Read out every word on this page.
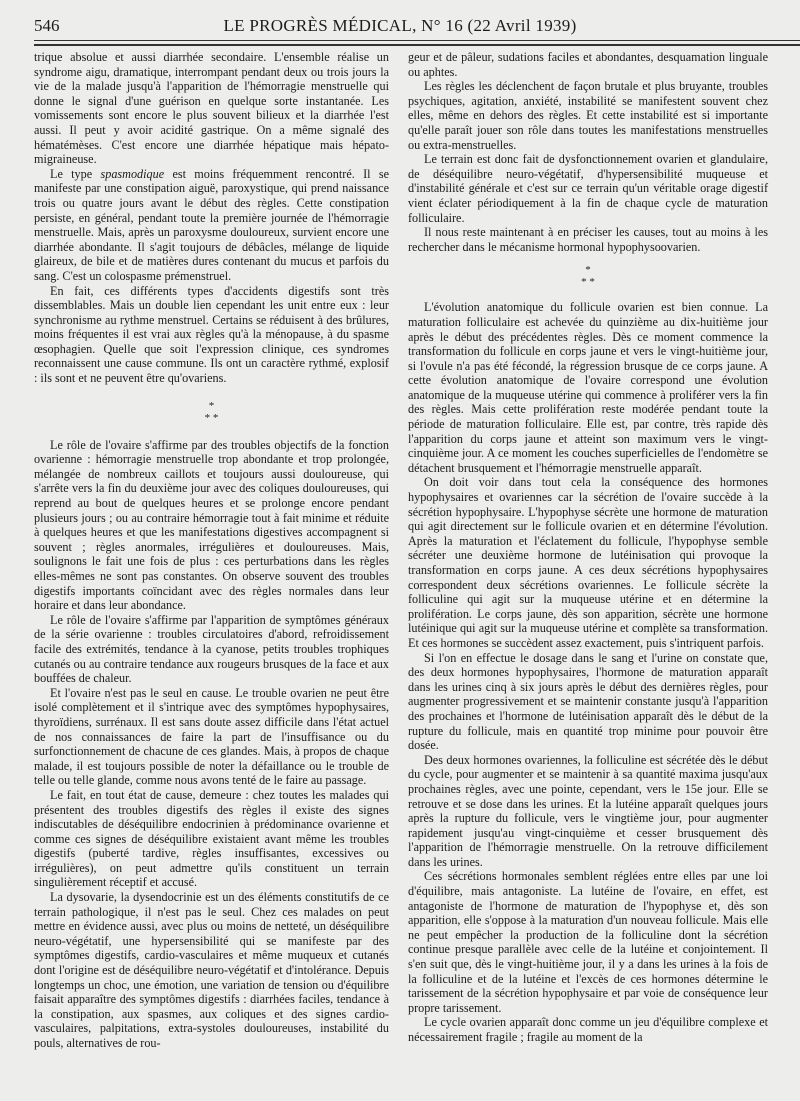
LE PROGRÈS MÉDICAL, N° 16 (22 Avril 1939)
546

trique absolue et aussi diarrhée secondaire. L'ensemble réalise un syndrome aigu, dramatique, interrompant pendant deux ou trois jours la vie de la malade jusqu'à l'apparition de l'hémorragie menstruelle qui donne le signal d'une guérison en quelque sorte instantanée. Les vomissements sont encore le plus souvent bilieux et la diarrhée l'est aussi. Il peut y avoir acidité gastrique. On a même signalé des hématémèses. C'est encore une diarrhée hépatique mais hépato-migraineuse.

Le type spasmodique est moins fréquemment rencontré. Il se manifeste par une constipation aiguë, paroxystique, qui prend naissance trois ou quatre jours avant le début des règles. Cette constipation persiste, en général, pendant toute la première journée de l'hémorragie menstruelle. Mais, après un paroxysme douloureux, survient encore une diarrhée abondante. Il s'agit toujours de débâcles, mélange de liquide glaireux, de bile et de matières dures contenant du mucus et parfois du sang. C'est un colospasme prémenstruel.

En fait, ces différents types d'accidents digestifs sont très dissemblables. Mais un double lien cependant les unit entre eux : leur synchronisme au rythme menstruel. Certains se réduisent à des brûlures, moins fréquentes il est vrai aux règles qu'à la ménopause, à du spasme œsophagien. Quelle que soit l'expression clinique, ces syndromes reconnaissent une cause commune. Ils ont un caractère rythmé, explosif : ils sont et ne peuvent être qu'ovariens.

*
* *

Le rôle de l'ovaire s'affirme par des troubles objectifs de la fonction ovarienne : hémorragie menstruelle trop abondante et trop prolongée, mélangée de nombreux caillots et toujours aussi douloureuse, qui s'arrête vers la fin du deuxième jour avec des coliques douloureuses, qui reprend au bout de quelques heures et se prolonge encore pendant plusieurs jours ; ou au contraire hémorragie tout à fait minime et réduite à quelques heures et que les manifestations digestives accompagnent si souvent ; règles anormales, irrégulières et douloureuses. Mais, soulignons le fait une fois de plus : ces perturbations dans les règles elles-mêmes ne sont pas constantes. On observe souvent des troubles digestifs importants coïncidant avec des règles normales dans leur horaire et dans leur abondance.

Le rôle de l'ovaire s'affirme par l'apparition de symptômes généraux de la série ovarienne : troubles circulatoires d'abord, refroidissement facile des extrémités, tendance à la cyanose, petits troubles trophiques cutanés ou au contraire tendance aux rougeurs brusques de la face et aux bouffées de chaleur.

Et l'ovaire n'est pas le seul en cause. Le trouble ovarien ne peut être isolé complètement et il s'intrique avec des symptômes hypophysaires, thyroïdiens, surrénaux. Il est sans doute assez difficile dans l'état actuel de nos connaissances de faire la part de l'insuffisance ou du surfonctionnement de chacune de ces glandes. Mais, à propos de chaque malade, il est toujours possible de noter la défaillance ou le trouble de telle ou telle glande, comme nous avons tenté de le faire au passage.

Le fait, en tout état de cause, demeure : chez toutes les malades qui présentent des troubles digestifs des règles il existe des signes indiscutables de déséquilibre endocrinien à prédominance ovarienne et comme ces signes de déséquilibre existaient avant même les troubles digestifs (puberté tardive, règles insuffisantes, excessives ou irrégulières), on peut admettre qu'ils constituent un terrain singulièrement réceptif et accusé.

La dysovarie, la dysendocrinie est un des éléments constitutifs de ce terrain pathologique, il n'est pas le seul. Chez ces malades on peut mettre en évidence aussi, avec plus ou moins de netteté, un déséquilibre neuro-végétatif, une hypersensibilité qui se manifeste par des symptômes digestifs, cardio-vasculaires et même muqueux et cutanés dont l'origine est de déséquilibre neuro-végétatif et d'intolérance. Depuis longtemps un choc, une émotion, une variation de tension ou d'équilibre faisait apparaître des symptômes digestifs : diarrhées faciles, tendance à la constipation, aux spasmes, aux coliques et des signes cardio-vasculaires, palpitations, extra-systoles douloureuses, instabilité du pouls, alternatives de rou-

geur et de pâleur, sudations faciles et abondantes, desquamation linguale ou aphtes.

Les règles les déclenchent de façon brutale et plus bruyante, troubles psychiques, agitation, anxiété, instabilité se manifestent souvent chez elles, même en dehors des règles. Et cette instabilité est si importante qu'elle paraît jouer son rôle dans toutes les manifestations menstruelles ou extra-menstruelles.

Le terrain est donc fait de dysfonctionnement ovarien et glandulaire, de déséquilibre neuro-végétatif, d'hypersensibilité muqueuse et d'instabilité générale et c'est sur ce terrain qu'un véritable orage digestif vient éclater périodiquement à la fin de chaque cycle de maturation folliculaire.

Il nous reste maintenant à en préciser les causes, tout au moins à les rechercher dans le mécanisme hormonal hypophysoovarien.

*
* *

L'évolution anatomique du follicule ovarien est bien connue. La maturation folliculaire est achevée du quinzième au dix-huitième jour après le début des précédentes règles. Dès ce moment commence la transformation du follicule en corps jaune et vers le vingt-huitième jour, si l'ovule n'a pas été fécondé, la régression brusque de ce corps jaune. A cette évolution anatomique de l'ovaire correspond une évolution anatomique de la muqueuse utérine qui commence à proliférer vers la fin des règles. Mais cette prolifération reste modérée pendant toute la période de maturation folliculaire. Elle est, par contre, très rapide dès l'apparition du corps jaune et atteint son maximum vers le vingt-cinquième jour. A ce moment les couches superficielles de l'endomètre se détachent brusquement et l'hémorragie menstruelle apparaît.

On doit voir dans tout cela la conséquence des hormones hypophysaires et ovariennes car la sécrétion de l'ovaire succède à la sécrétion hypophysaire. L'hypophyse sécrète une hormone de maturation qui agit directement sur le follicule ovarien et en détermine l'évolution. Après la maturation et l'éclatement du follicule, l'hypophyse semble sécréter une deuxième hormone de lutéinisation qui provoque la transformation en corps jaune. A ces deux sécrétions hypophysaires correspondent deux sécrétions ovariennes. Le follicule sécrète la folliculine qui agit sur la muqueuse utérine et en détermine la prolifération. Le corps jaune, dès son apparition, sécrète une hormone lutéinique qui agit sur la muqueuse utérine et complète sa transformation. Et ces hormones se succèdent assez exactement, puis s'intriquent parfois.

Si l'on en effectue le dosage dans le sang et l'urine on constate que, des deux hormones hypophysaires, l'hormone de maturation apparaît dans les urines cinq à six jours après le début des dernières règles, pour augmenter progressivement et se maintenir constante jusqu'à l'apparition des prochaines et l'hormone de lutéinisation apparaît dès le début de la rupture du follicule, mais en quantité trop minime pour pouvoir être dosée.

Des deux hormones ovariennes, la folliculine est sécrétée dès le début du cycle, pour augmenter et se maintenir à sa quantité maxima jusqu'aux prochaines règles, avec une pointe, cependant, vers le 15e jour. Elle se retrouve et se dose dans les urines. Et la lutéine apparaît quelques jours après la rupture du follicule, vers le vingtième jour, pour augmenter rapidement jusqu'au vingt-cinquième et cesser brusquement dès l'apparition de l'hémorragie menstruelle. On la retrouve difficilement dans les urines.

Ces sécrétions hormonales semblent réglées entre elles par une loi d'équilibre, mais antagoniste. La lutéine de l'ovaire, en effet, est antagoniste de l'hormone de maturation de l'hypophyse et, dès son apparition, elle s'oppose à la maturation d'un nouveau follicule. Mais elle ne peut empêcher la production de la folliculine dont la sécrétion continue presque parallèle avec celle de la lutéine et conjointement. Il s'en suit que, dès le vingt-huitième jour, il y a dans les urines à la fois de la folliculine et de la lutéine et l'excès de ces hormones détermine le tarissement de la sécrétion hypophysaire et par voie de conséquence leur propre tarissement.

Le cycle ovarien apparaît donc comme un jeu d'équilibre complexe et nécessairement fragile ; fragile au moment de la
